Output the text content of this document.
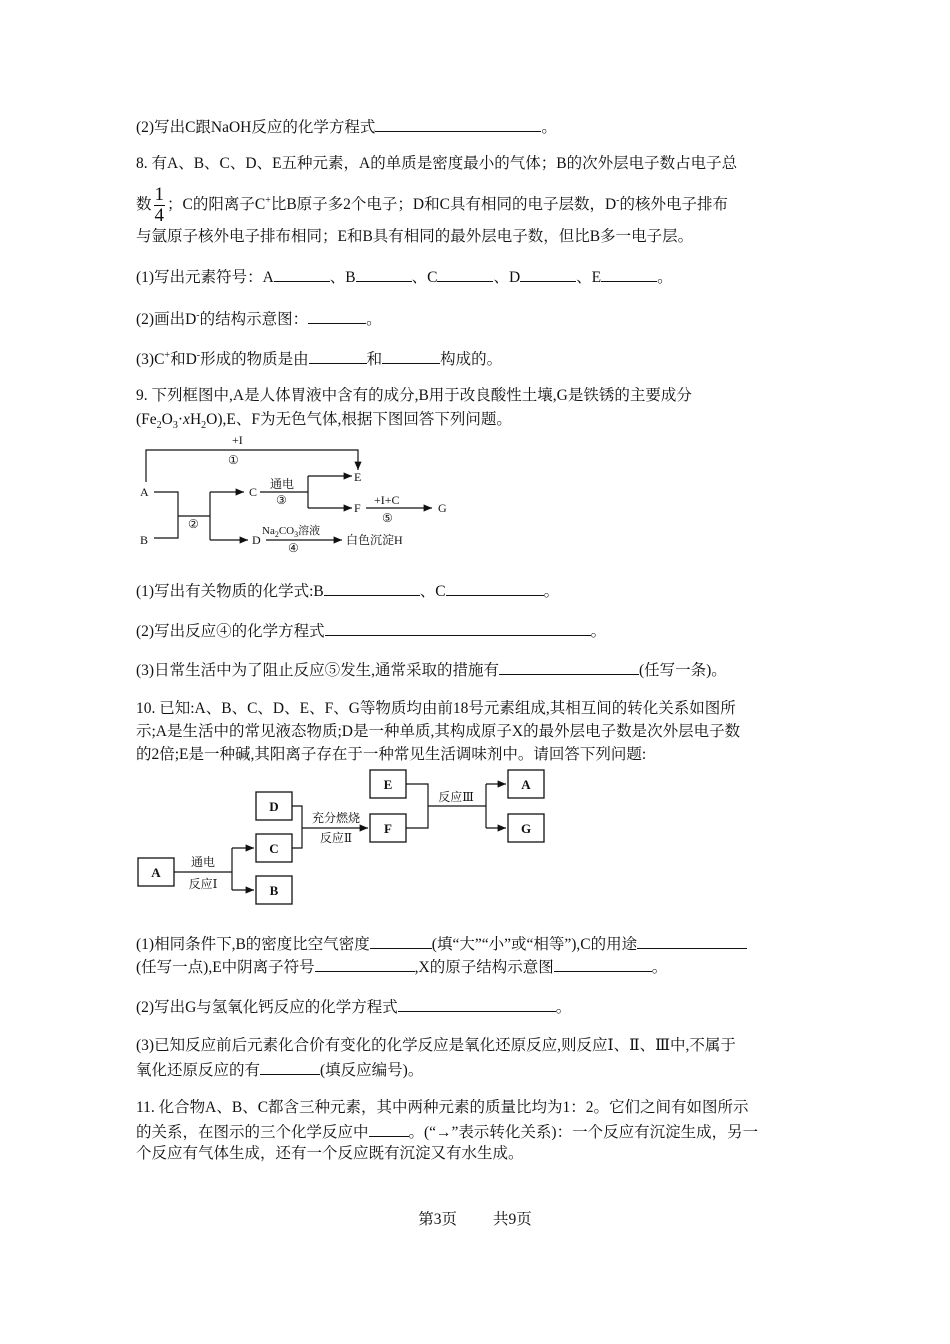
(2)写出C跟NaOH反应的化学方程式	。
8. 有A、B、C、D、E五种元素，A的单质是密度最小的气体；B的次外层电子数占电子总
数 $\frac{1}{4}$ ；C的阳离子C+比B原子多2个电子；D和C具有相同的电子层数，D-的核外电子排布
与氩原子核外电子排布相同；E和B具有相同的最外层电子数，但比B多一电子层。
(1)写出元素符号：A	、B	、C	、D	、E	。
(2)画出D-的结构示意图：	。
(3)C+和D-形成的物质是由	和	构成的。
9. 下列框图中,A是人体胃液中含有的成分,B用于改良酸性土壤,G是铁锈的主要成分
$(Fe_2O_3\cdot xH_2O),E$、F为无色气体,根据下图回答下列问题。
+I
①
A
B
②
C
通电
③
E
F
+I+C
⑤
G
D
$Na_2CO_3$溶液
④
白色沉淀H
(1)写出有关物质的化学式:B	、C	。
(2)写出反应④的化学方程式	。
(3)日常生活中为了阻止反应⑤发生,通常采取的措施有	(任写一条)。
10. 已知:A、B、C、D、E、F、G等物质均由前18号元素组成,其相互间的转化关系如图所
示;A是生活中的常见液态物质;D是一种单质,其构成原子X的最外层电子数是次外层电子数
的2倍;E是一种碱,其阳离子存在于一种常见生活调味剂中。请回答下列问题:
A
D
C
B
E
F
A
G
通电
反应Ⅰ
充分燃烧
反应Ⅱ
反应Ⅲ
(1)相同条件下,B的密度比空气密度	(填“大”“小”或“相等”),C的用途
(任写一点),E中阴离子符号	,X的原子结构示意图	。
(2)写出G与氢氧化钙反应的化学方程式	。
(3)已知反应前后元素化合价有变化的化学反应是氧化还原反应,则反应Ⅰ、Ⅱ、Ⅲ中,不属于
氧化还原反应的有	(填反应编号)。
11. 化合物A、B、C都含三种元素，其中两种元素的质量比均为1：2。它们之间有如图所示
的关系，在图示的三个化学反应中	。(“→”表示转化关系)：一个反应有沉淀生成，另一
个反应有气体生成，还有一个反应既有沉淀又有水生成。
第3页 共9页
